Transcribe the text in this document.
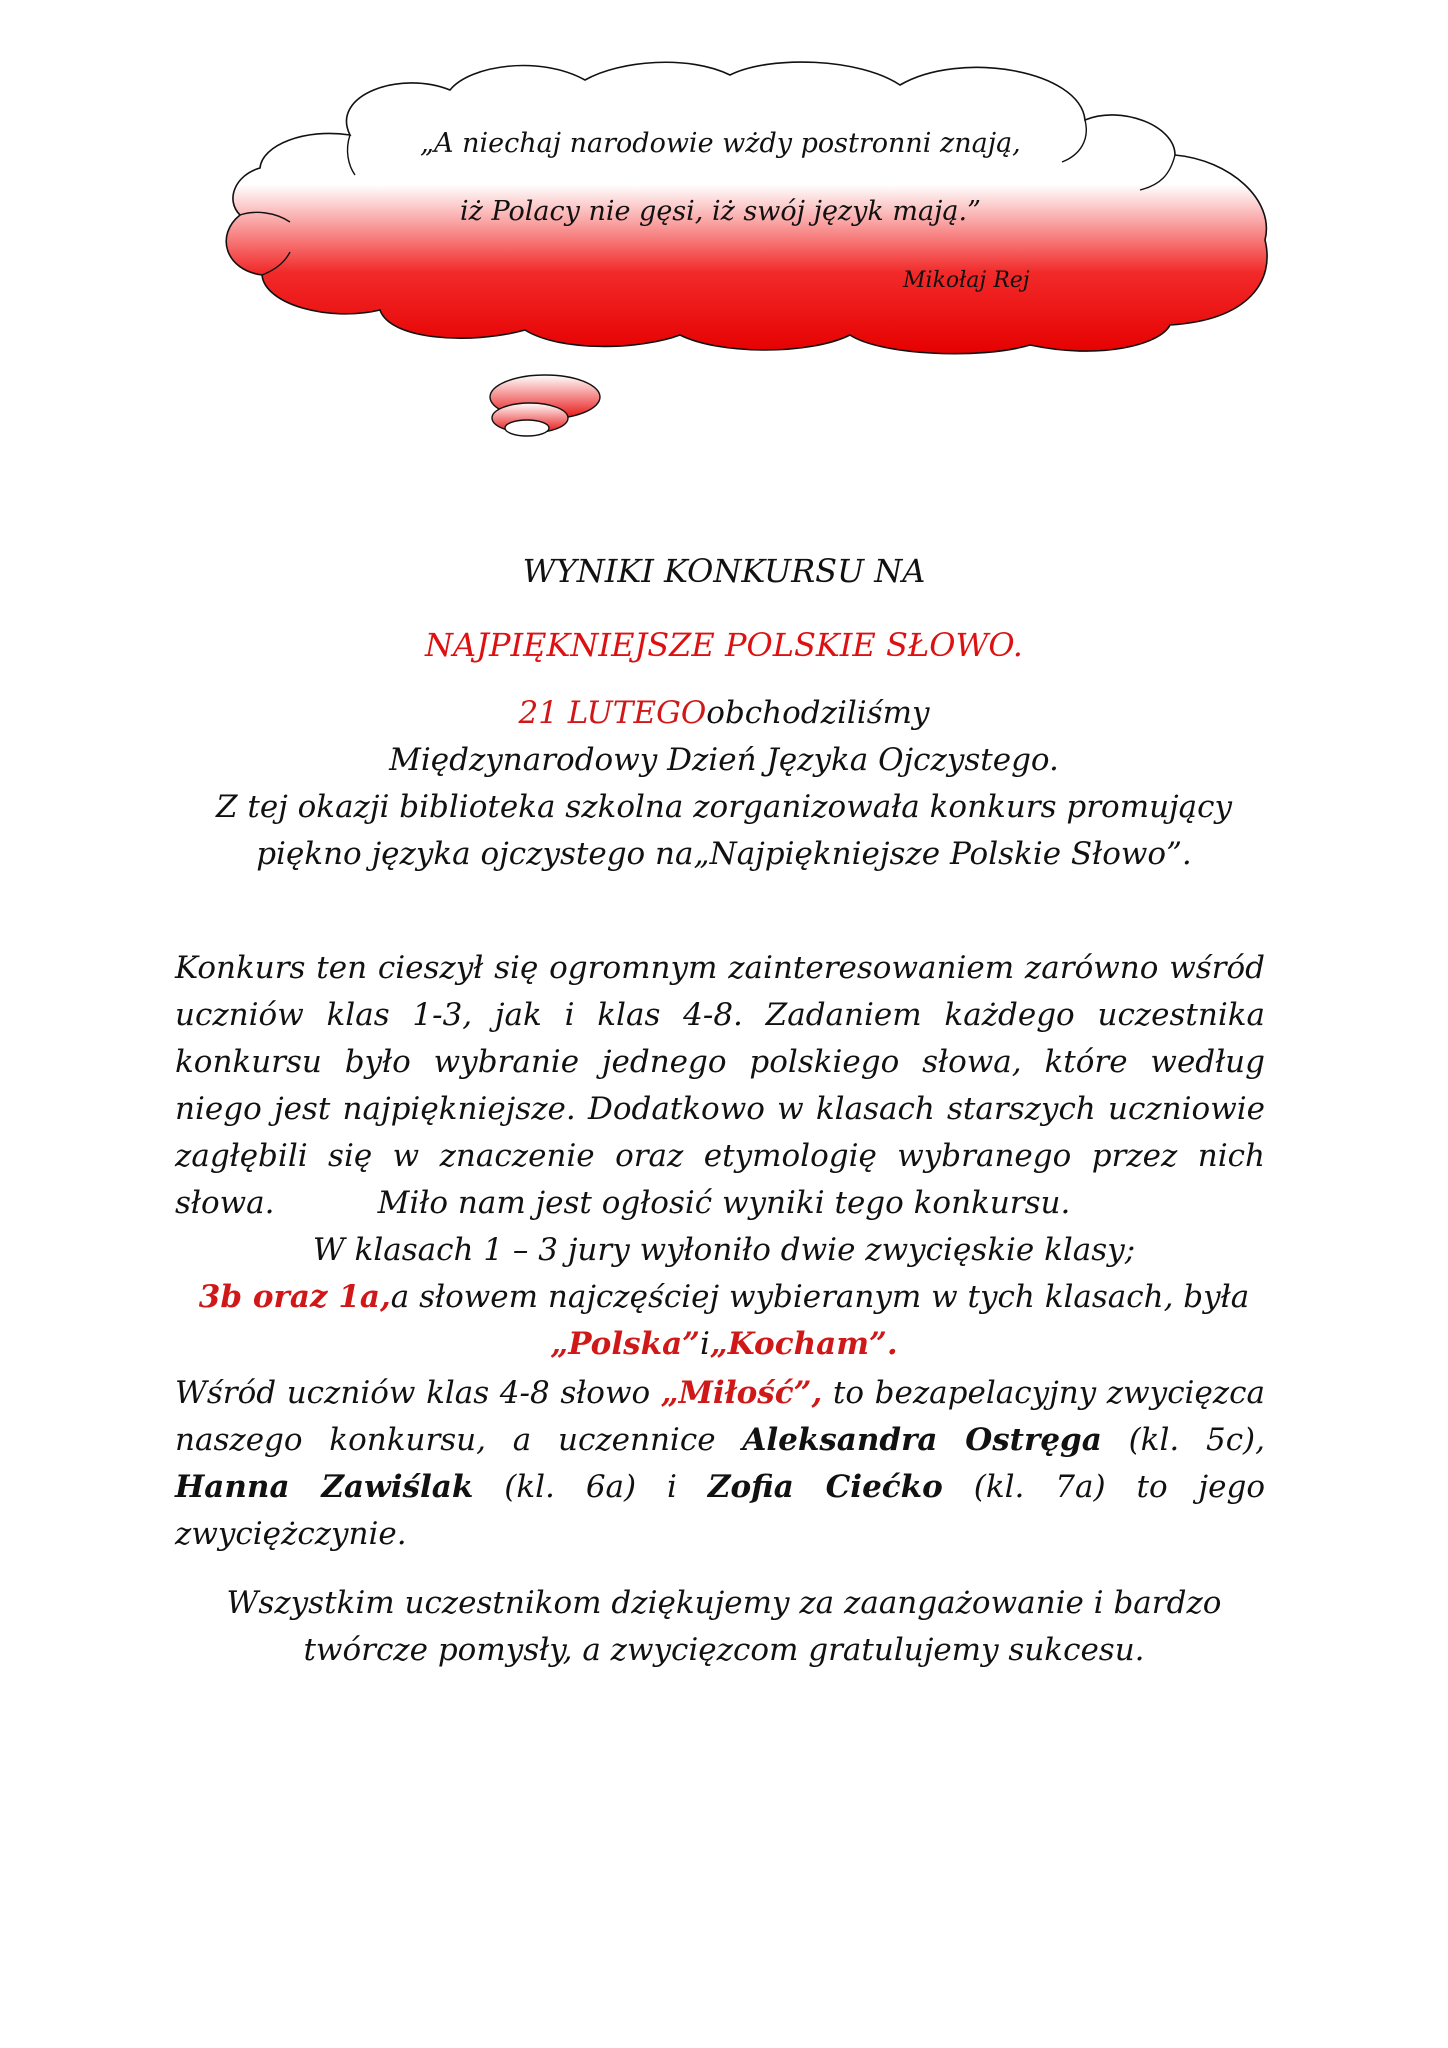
„A niechaj narodowie wżdy postronni znają,
iż Polacy nie gęsi, iż swój język mają.”
Mikołaj Rej
WYNIKI KONKURSU NA
NAJPIĘKNIEJSZE POLSKIE SŁOWO.

21 LUTEGOobchodziliśmy

Międzynarodowy Dzień Języka Ojczystego.

Z tej okazji biblioteka szkolna zorganizowała konkurs promujący

piękno języka ojczystego na„Najpiękniejsze Polskie Słowo”.

Konkurs ten cieszył się ogromnym zainteresowaniem zarówno wśród uczniów klas 1-3, jak i klas 4-8. Zadaniem każdego uczestnika konkursu było wybranie jednego polskiego słowa, które według niego jest najpiękniejsze. Dodatkowo w klasach starszych uczniowie zagłębili się w znaczenie oraz etymologię wybranego przez nich słowa.	Miło nam jest ogłosić wyniki tego konkursu.

W klasach 1 – 3 jury wyłoniło dwie zwycięskie klasy;

3b oraz 1a,a słowem najczęściej wybieranym w tych klasach, była

„Polska”i„Kocham”.

Wśród uczniów klas 4-8 słowo „Miłość”, to bezapelacyjny zwycięzca naszego konkursu, a uczennice Aleksandra Ostręga (kl. 5c), Hanna Zawiślak (kl. 6a) i Zofia Ciećko (kl. 7a) to jego zwyciężczynie.

Wszystkim uczestnikom dziękujemy za zaangażowanie i bardzo

twórcze pomysły, a zwycięzcom gratulujemy sukcesu.
